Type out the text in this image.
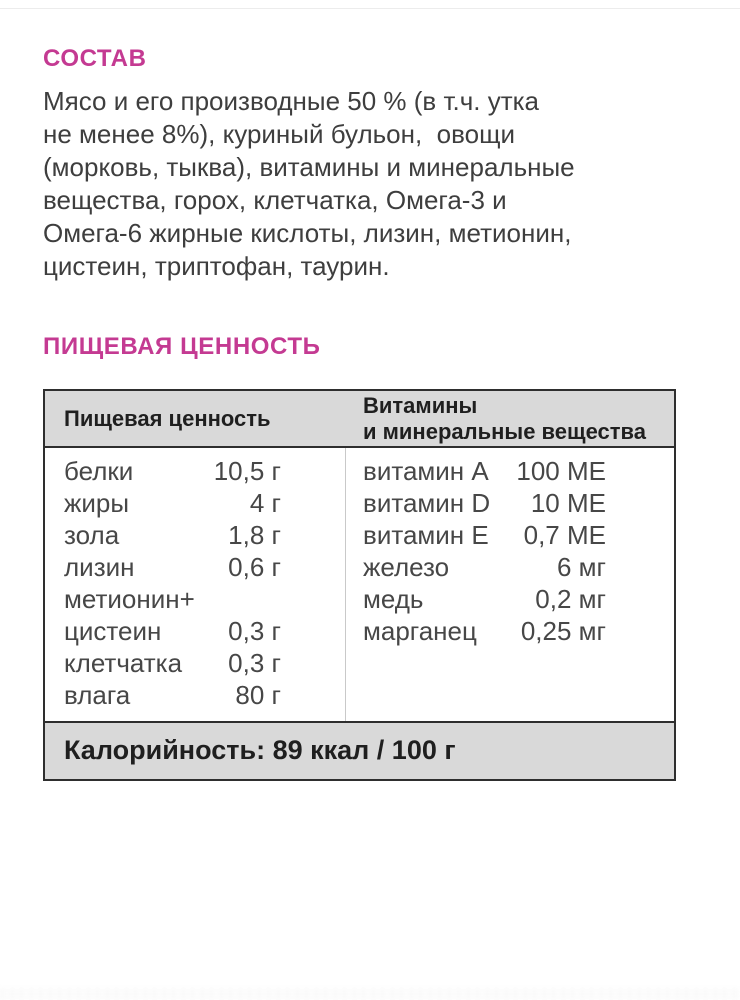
СОСТАВ
Мясо и его производные 50 % (в т.ч. утка
не менее 8%), куриный бульон,  овощи
(морковь, тыква), витамины и минеральные
вещества, горох, клетчатка, Омега-3 и
Омега-6 жирные кислоты, лизин, метионин,
цистеин, триптофан, таурин.
ПИЩЕВАЯ ЦЕННОСТЬ
Пищевая ценность
Витамины
и минеральные вещества
белки	10,5 г
жиры	4 г
зола	1,8 г
лизин	0,6 г
метионин+
цистеин	0,3 г
клетчатка 0,3 г
влага	80 г
витамин A 100 МЕ
витамин D 10 МЕ
витамин E 0,7 МЕ
железо	6 мг
медь	0,2 мг
марганец 0,25 мг
Калорийность: 89 ккал / 100 г
